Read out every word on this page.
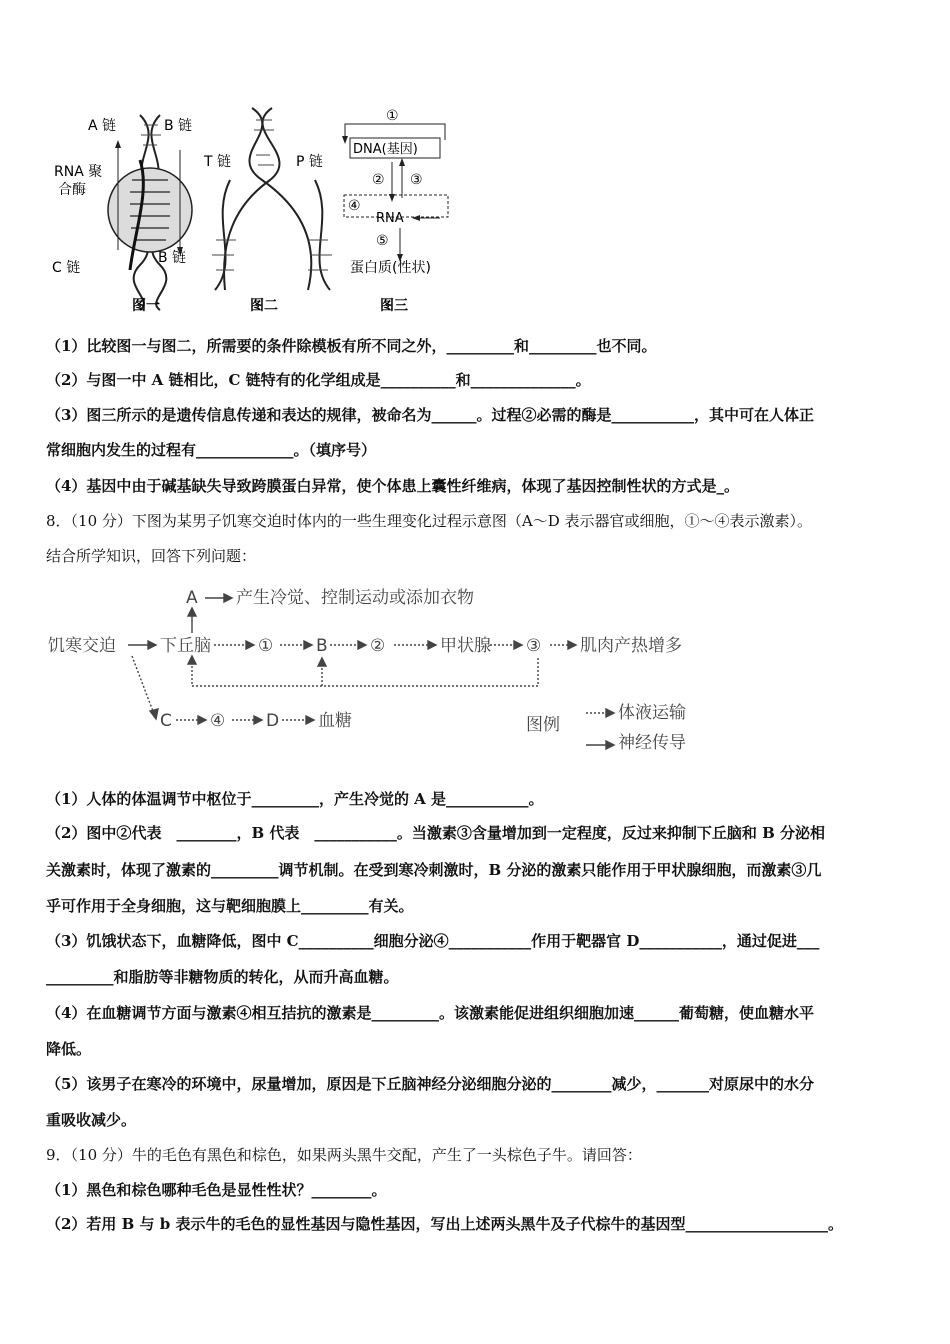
A 链	B 链
RNA 聚
合酶
C 链
B 链
T 链	P 链
①
DNA(基因)
② ③
④
RNA
⑤
蛋白质(性状)
图一	图二	图三
（1）比较图一与图二，所需要的条件除模板有所不同之外，_________和_________也不同。
（2）与图一中 A 链相比，C 链特有的化学组成是__________和______________。
（3）图三所示的是遗传信息传递和表达的规律，被命名为______。过程②必需的酶是___________，其中可在人体正
常细胞内发生的过程有_____________。（填序号）
（4）基因中由于碱基缺失导致跨膜蛋白异常，使个体患上囊性纤维病，体现了基因控制性状的方式是_。
8．（10 分）下图为某男子饥寒交迫时体内的一些生理变化过程示意图（A～D 表示器官或细胞，①～④表示激素）。
结合所学知识，回答下列问题：
A 产生冷觉、控制运动或添加衣物
饥寒交迫	下丘脑	①	B ②	甲状腺 ③ 肌肉产热增多
C ④ D 血糖	图例
体液运输
神经传导
（1）人体的体温调节中枢位于_________，产生冷觉的 A 是___________。
（2）图中②代表　________，B 代表　___________。当激素③含量增加到一定程度，反过来抑制下丘脑和 B 分泌相
关激素时，体现了激素的_________调节机制。在受到寒冷刺激时，B 分泌的激素只能作用于甲状腺细胞，而激素③几
乎可作用于全身细胞，这与靶细胞膜上_________有关。
（3）饥饿状态下，血糖降低，图中 C__________细胞分泌④___________作用于靶器官 D___________，通过促进___
_________和脂肪等非糖物质的转化，从而升高血糖。
（4）在血糖调节方面与激素④相互拮抗的激素是_________。该激素能促进组织细胞加速______葡萄糖，使血糖水平
降低。
（5）该男子在寒冷的环境中，尿量增加，原因是下丘脑神经分泌细胞分泌的________减少，_______对原尿中的水分
重吸收减少。
9．（10 分）牛的毛色有黑色和棕色，如果两头黑牛交配，产生了一头棕色子牛。请回答：
（1）黑色和棕色哪种毛色是显性性状？________。
（2）若用 B 与 b 表示牛的毛色的显性基因与隐性基因，写出上述两头黑牛及子代棕牛的基因型___________________。
